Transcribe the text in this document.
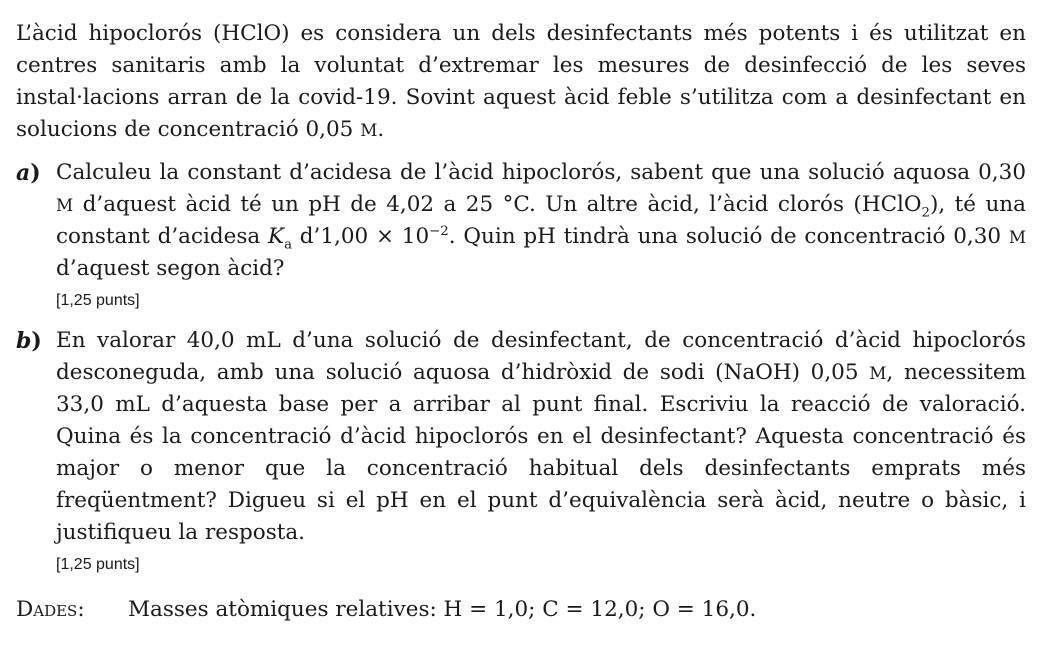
L’àcid hipoclorós (HClO) es considera un dels desinfectants més potents i és utilitzat en centres sanitaris amb la voluntat d’extremar les mesures de desinfecció de les seves instal·lacions arran de la covid-19. Sovint aquest àcid feble s’utilitza com a desinfectant en solucions de concentració 0,05 M.

a) Calculeu la constant d’acidesa de l’àcid hipoclorós, sabent que una solució aquosa 0,30 M d’aquest àcid té un pH de 4,02 a 25 °C. Un altre àcid, l’àcid clorós (HClO$_2$), té una constant d’acidesa $K_a$ d’1,00 × $10^{-2}$. Quin pH tindrà una solució de concentració 0,30 M d’aquest segon àcid?

[1,25 punts]

b) En valorar 40,0 mL d’una solució de desinfectant, de concentració d’àcid hipoclorós desconeguda, amb una solució aquosa d’hidròxid de sodi (NaOH) 0,05 M, necessitem 33,0 mL d’aquesta base per a arribar al punt final. Escriviu la reacció de valoració. Quina és la concentració d’àcid hipoclorós en el desinfectant? Aquesta concentració és major o menor que la concentració habitual dels desinfectants emprats més freqüentment? Digueu si el pH en el punt d’equivalència serà àcid, neutre o bàsic, i justifiqueu la resposta.

[1,25 punts]

Dades: Masses atòmiques relatives: H = 1,0; C = 12,0; O = 16,0.
